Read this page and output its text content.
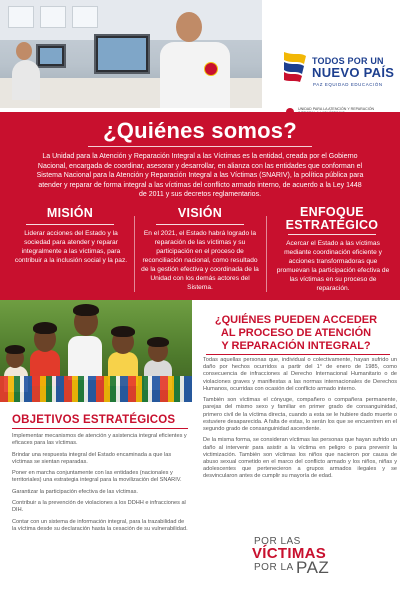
TODOS POR UN
NUEVO PAÍS
PAZ EQUIDAD EDUCACIÓN
UNIDAD PARA LA ATENCIÓN Y REPARACIÓN
¿Quiénes somos?
La Unidad para la Atención y Reparación Integral a las Víctimas es la entidad, creada por el Gobierno Nacional, encargada de coordinar, asesorar y desarrollar, en alianza con las entidades que conforman el Sistema Nacional para la Atención y Reparación Integral a las Víctimas (SNARIV), la política pública para atender y reparar de forma integral a las víctimas del conflicto armado interno, de acuerdo a la Ley 1448 de 2011 y sus decretos reglamentarios.
MISIÓN
Liderar acciones del Estado y la sociedad para atender y reparar integralmente a las víctimas, para contribuir a la inclusión social y la paz.
VISIÓN
En el 2021, el Estado habrá logrado la reparación de las víctimas y su participación en el proceso de reconciliación nacional, como resultado de la gestión efectiva y coordinada de la Unidad con los demás actores del Sistema.
ENFOQUE
ESTRATÉGICO
Acercar el Estado a las víctimas mediante coordinación eficiente y acciones transformadoras que promuevan la participación efectiva de las víctimas en su proceso de reparación.
OBJETIVOS ESTRATÉGICOS

Implementar mecanismos de atención y asistencia integral eficientes y eficaces para las víctimas.

Brindar una respuesta integral del Estado encaminada a que las víctimas se sientan reparadas.

Poner en marcha conjuntamente con las entidades (nacionales y territoriales) una estrategia integral para la movilización del SNARIV.

Garantizar la participación efectiva de las víctimas.

Contribuir a la prevención de violaciones a los DDHH e infracciones al DIH.

Contar con un sistema de información integral, para la trazabilidad de la víctima desde su declaración hasta la cesación de su vulnerabilidad.

¿QUIÉNES PUEDEN ACCEDER
AL PROCESO DE ATENCIÓN
Y REPARACIÓN INTEGRAL?

Todas aquellas personas que, individual o colectivamente, hayan sufrido un daño por hechos ocurridos a partir del 1° de enero de 1985, como consecuencia de infracciones al Derecho Internacional Humanitario o de violaciones graves y manifiestas a las normas internacionales de Derechos Humanos, ocurridas con ocasión del conflicto armado interno.

También son víctimas el cónyuge, compañero o compañera permanente, parejas del mismo sexo y familiar en primer grado de consanguinidad, primero civil de la víctima directa, cuando a esta se le hubiere dado muerte o estuviere desaparecida. A falta de estas, lo serán los que se encuentren en el segundo grado de consanguinidad ascendente.

De la misma forma, se consideran víctimas las personas que hayan sufrido un daño al intervenir para asistir a la víctima en peligro o para prevenir la victimización. También son víctimas los niños que nacieron por causa de abuso sexual cometido en el marco del conflicto armado y los niños, niñas y adolescentes que pertenecieron a grupos armados ilegales y se desvincularon antes de cumplir su mayoría de edad.

POR LAS
VÍCTIMAS
POR LA PAZ
